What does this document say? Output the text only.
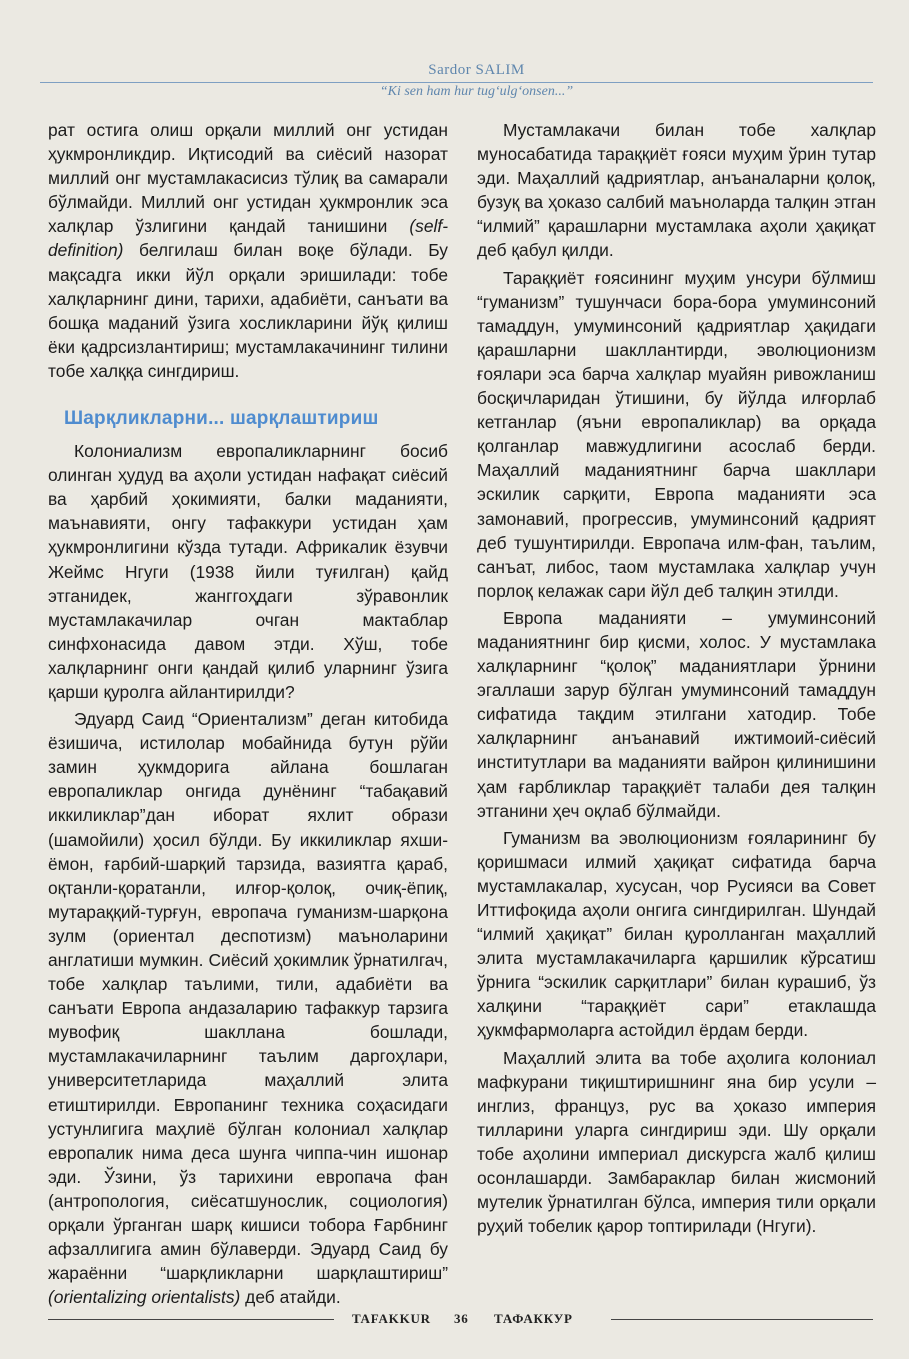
Sardor SALIM
“Ki sen ham hur tug‘ulg‘onsen...”

рат остига олиш орқали миллий онг устидан ҳукмронликдир. Иқтисодий ва сиёсий назорат миллий онг мустамлакасисиз тўлиқ ва самарали бўлмайди. Миллий онг устидан ҳукмронлик эса халқлар ўзлигини қандай танишини (self-definition) белгилаш билан воқе бўлади. Бу мақсадга икки йўл орқали эришилади: тобе халқларнинг дини, тарихи, адабиёти, санъати ва бошқа маданий ўзига хосликларини йўқ қилиш ёки қадрсизлантириш; мустамлакачининг тилини тобе халққа сингдириш.

Шарқликларни... шарқлаштириш

Колониализм европаликларнинг босиб олинган ҳудуд ва аҳоли устидан нафақат сиёсий ва ҳарбий ҳокимияти, балки маданияти, маънавияти, онгу тафаккури устидан ҳам ҳукмронлигини кўзда тутади. Африкалик ёзувчи Жеймс Нгуги (1938 йили туғилган) қайд этганидек, жанггоҳдаги зўравонлик мустамлакачилар очган мактаблар синфхонасида давом этди. Хўш, тобе халқларнинг онги қандай қилиб уларнинг ўзига қарши қуролга айлантирилди?

Эдуард Саид “Ориентализм” деган китобида ёзишича, истилолар мобайнида бутун рўйи замин ҳукмдорига айлана бошлаган европаликлар онгида дунёнинг “табақавий иккиликлар”дан иборат яхлит образи (шамойили) ҳосил бўлди. Бу иккиликлар яхши-ёмон, ғарбий-шарқий тарзида, вазиятга қараб, оқтанли-қоратанли, илғор-қолоқ, очиқ-ёпиқ, мутараққий-турғун, европача гуманизм-шарқона зулм (ориентал деспотизм) маъноларини англатиши мумкин. Сиёсий ҳокимлик ўрнатилгач, тобе халқлар таълими, тили, адабиёти ва санъати Европа андазаларию тафаккур тарзига мувофиқ шаклланa бошлади, мустамлакачиларнинг таълим даргоҳлари, университетларида маҳаллий элита етиштирилди. Европанинг техника соҳасидаги устунлигига маҳлиё бўлган колониал халқлар европалик нима деса шунга чиппа-чин ишонар эди. Ўзини, ўз тарихини европача фан (антропология, сиёсатшунослик, социология) орқали ўрганган шарқ кишиси тобора Ғарбнинг афзаллигига амин бўлаверди. Эдуард Саид бу жараённи “шарқликларни шарқлаштириш” (orientalizing orientalists) деб атайди.

Мустамлакачи билан тобе халқлар муносабатида тараққиёт ғояси муҳим ўрин тутар эди. Маҳаллий қадриятлар, анъаналарни қолоқ, бузуқ ва ҳоказо салбий маъноларда талқин этган “илмий” қарашларни мустамлака аҳоли ҳақиқат деб қабул қилди.

Тараққиёт ғоясининг муҳим унсури бўлмиш “гуманизм” тушунчаси бора-бора умуминсоний тамаддун, умуминсоний қадриятлар ҳақидаги қарашларни шакллантирди, эволюционизм ғоялари эса барча халқлар муайян ривожланиш босқичларидан ўтишини, бу йўлда илғорлаб кетганлар (яъни европаликлар) ва орқада қолганлар мавжудлигини асослаб берди. Маҳаллий маданиятнинг барча шакллари эскилик сарқити, Европа маданияти эса замонавий, прогрессив, умуминсоний қадрият деб тушунтирилди. Европача илм-фан, таълим, санъат, либос, таом мустамлака халқлар учун порлоқ келажак сари йўл деб талқин этилди.

Европа маданияти – умуминсоний маданиятнинг бир қисми, холос. У мустамлака халқларнинг “қолоқ” маданиятлари ўрнини эгаллаши зарур бўлган умуминсоний тамаддун сифатида тақдим этилгани хатодир. Тобе халқларнинг анъанавий ижтимоий-сиёсий институтлари ва маданияти вайрон қилинишини ҳам ғарбликлар тараққиёт талаби дея талқин этганини ҳеч оқлаб бўлмайди.

Гуманизм ва эволюционизм ғояларининг бу қоришмаси илмий ҳақиқат сифатида барча мустамлакалар, хусусан, чор Русияси ва Совет Иттифоқида аҳоли онгига сингдирилган. Шундай “илмий ҳақиқат” билан қуролланган маҳаллий элита мустамлакачиларга қаршилик кўрсатиш ўрнига “эскилик сарқитлари” билан курашиб, ўз халқини “тараққиёт сари” етаклашда ҳукмфармоларга астойдил ёрдам берди.

Маҳаллий элита ва тобе аҳолига колониал мафкурани тиқиштиришнинг яна бир усули – инглиз, француз, рус ва ҳоказо империя тилларини уларга сингдириш эди. Шу орқали тобе аҳолини империал дискурсга жалб қилиш осонлашарди. Замбараклар билан жисмоний мутелик ўрнатилган бўлса, империя тили орқали руҳий тобелик қарор топтирилади (Нгуги).

TAFAKKUR 36 ТАФАККУР
